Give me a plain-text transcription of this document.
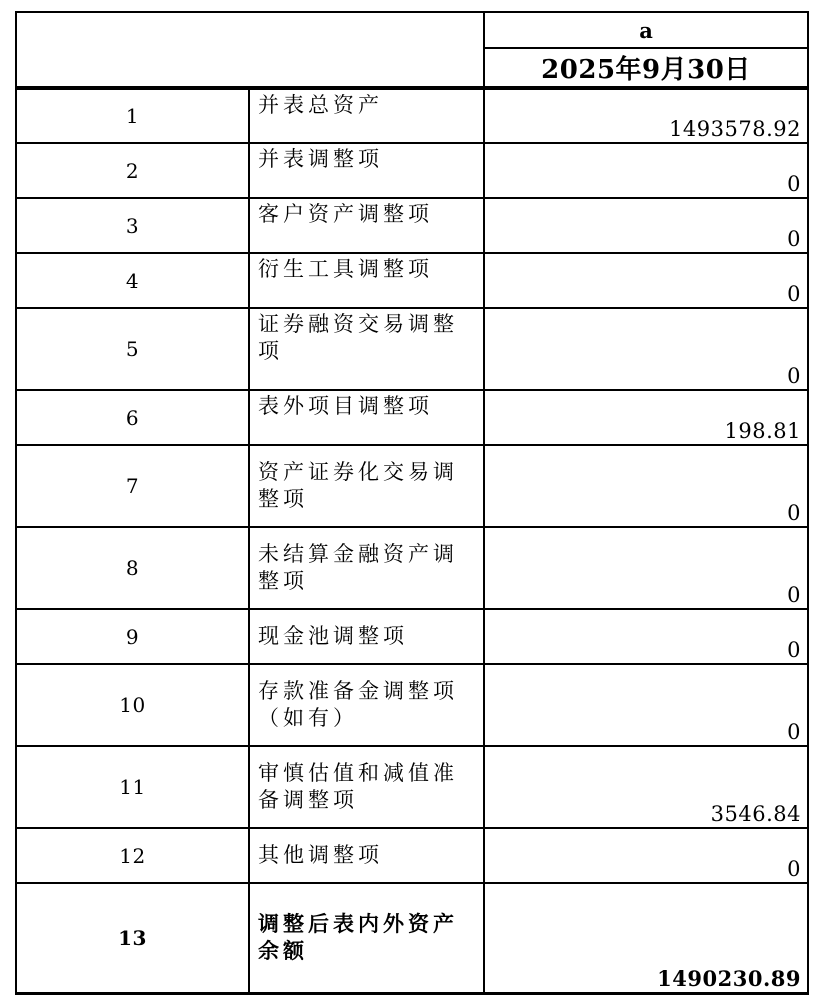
		a
		2025年9月30日
1	并表总资产	1493578.92
2	并表调整项	0
3	客户资产调整项	0
4	衍生工具调整项	0
5	证券融资交易调整项	0
6	表外项目调整项	198.81
7	资产证券化交易调整项	0
8	未结算金融资产调整项	0
9	现金池调整项	0
10	存款准备金调整项（如有）	0
11	审慎估值和减值准备调整项	3546.84
12	其他调整项	0
13	调整后表内外资产余额	1490230.89
